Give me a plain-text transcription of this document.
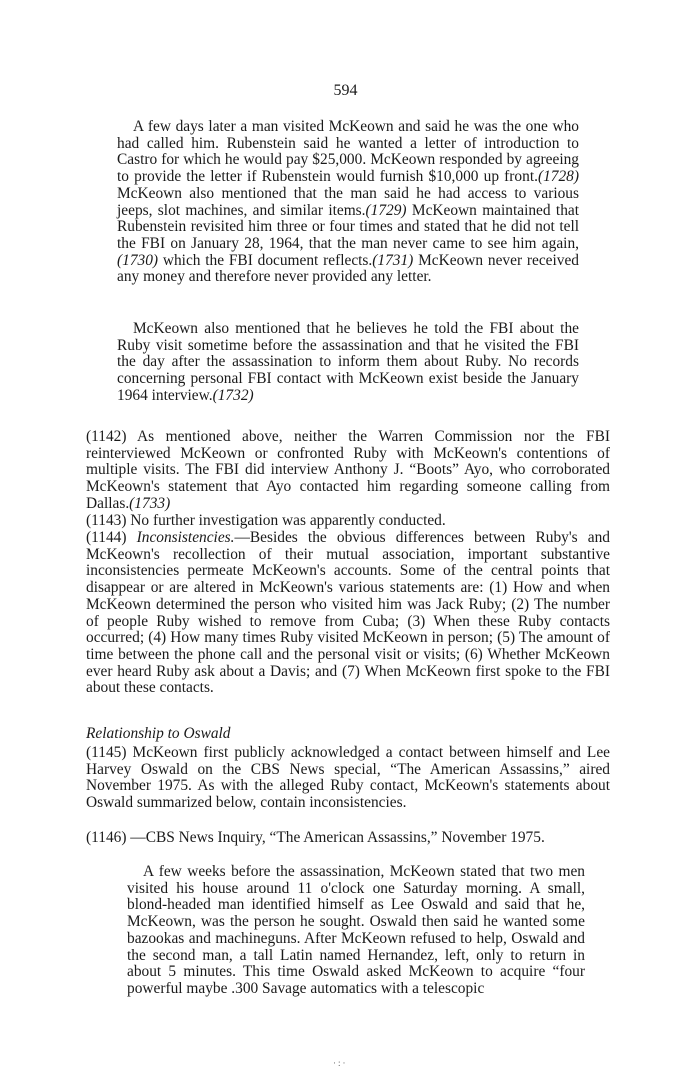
594

A few days later a man visited McKeown and said he was the one who had called him. Rubenstein said he wanted a letter of introduction to Castro for which he would pay $25,000. McKeown responded by agreeing to provide the letter if Rubenstein would furnish $10,000 up front.(1728) McKeown also mentioned that the man said he had access to various jeeps, slot machines, and similar items.(1729) McKeown maintained that Rubenstein revisited him three or four times and stated that he did not tell the FBI on January 28, 1964, that the man never came to see him again,(1730) which the FBI document reflects.(1731) McKeown never received any money and therefore never provided any letter.

McKeown also mentioned that he believes he told the FBI about the Ruby visit sometime before the assassination and that he visited the FBI the day after the assassination to inform them about Ruby. No records concerning personal FBI contact with McKeown exist beside the January 1964 interview.(1732)

(1142) As mentioned above, neither the Warren Commission nor the FBI reinterviewed McKeown or confronted Ruby with McKeown's contentions of multiple visits. The FBI did interview Anthony J. “Boots” Ayo, who corroborated McKeown's statement that Ayo contacted him regarding someone calling from Dallas.(1733)

(1143) No further investigation was apparently conducted.

(1144) Inconsistencies.—Besides the obvious differences between Ruby's and McKeown's recollection of their mutual association, important substantive inconsistencies permeate McKeown's accounts. Some of the central points that disappear or are altered in McKeown's various statements are: (1) How and when McKeown determined the person who visited him was Jack Ruby; (2) The number of people Ruby wished to remove from Cuba; (3) When these Ruby contacts occurred; (4) How many times Ruby visited McKeown in person; (5) The amount of time between the phone call and the personal visit or visits; (6) Whether McKeown ever heard Ruby ask about a Davis; and (7) When McKeown first spoke to the FBI about these contacts.

Relationship to Oswald

(1145) McKeown first publicly acknowledged a contact between himself and Lee Harvey Oswald on the CBS News special, “The American Assassins,” aired November 1975. As with the alleged Ruby contact, McKeown's statements about Oswald summarized below, contain inconsistencies.

(1146) —CBS News Inquiry, “The American Assassins,” November 1975.

A few weeks before the assassination, McKeown stated that two men visited his house around 11 o'clock one Saturday morning. A small, blond-headed man identified himself as Lee Oswald and said that he, McKeown, was the person he sought. Oswald then said he wanted some bazookas and machineguns. After McKeown refused to help, Oswald and the second man, a tall Latin named Hernandez, left, only to return in about 5 minutes. This time Oswald asked McKeown to acquire “four powerful maybe .300 Savage automatics with a telescopic

·:·
